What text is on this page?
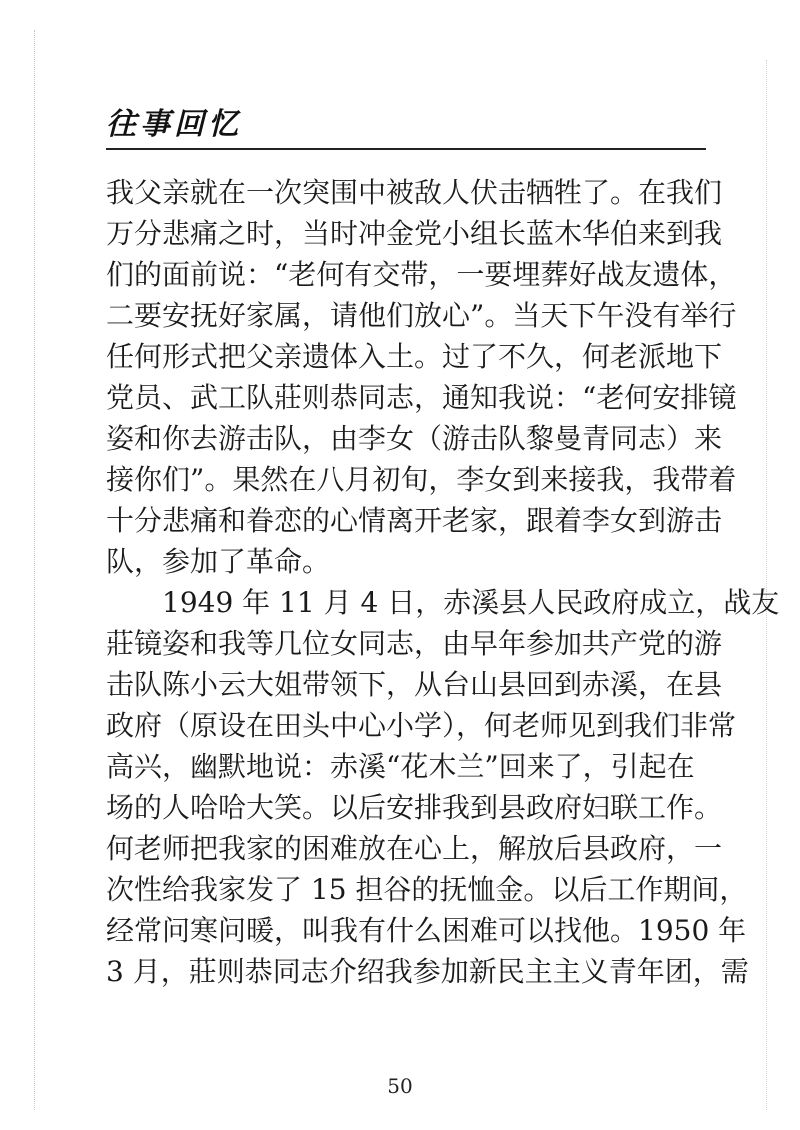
往事回忆
我父亲就在一次突围中被敌人伏击牺牲了。在我们
万分悲痛之时，当时冲金党小组长蓝木华伯来到我
们的面前说：“老何有交带，一要埋葬好战友遗体，
二要安抚好家属，请他们放心”。当天下午没有举行
任何形式把父亲遗体入土。过了不久，何老派地下
党员、武工队莊则恭同志，通知我说：“老何安排镜
姿和你去游击队，由李女（游击队黎曼青同志）来
接你们”。果然在八月初旬，李女到来接我，我带着
十分悲痛和眷恋的心情离开老家，跟着李女到游击
队，参加了革命。
　　1949 年 11 月 4 日，赤溪县人民政府成立，战友
莊镜姿和我等几位女同志，由早年参加共产党的游
击队陈小云大姐带领下，从台山县回到赤溪，在县
政府（原设在田头中心小学），何老师见到我们非常
高兴，幽默地说：赤溪“花木兰”回来了，引起在
场的人哈哈大笑。以后安排我到县政府妇联工作。
何老师把我家的困难放在心上，解放后县政府，一
次性给我家发了 15 担谷的抚恤金。以后工作期间，
经常问寒问暖，叫我有什么困难可以找他。1950 年
3 月，莊则恭同志介绍我参加新民主主义青年团，需
50
